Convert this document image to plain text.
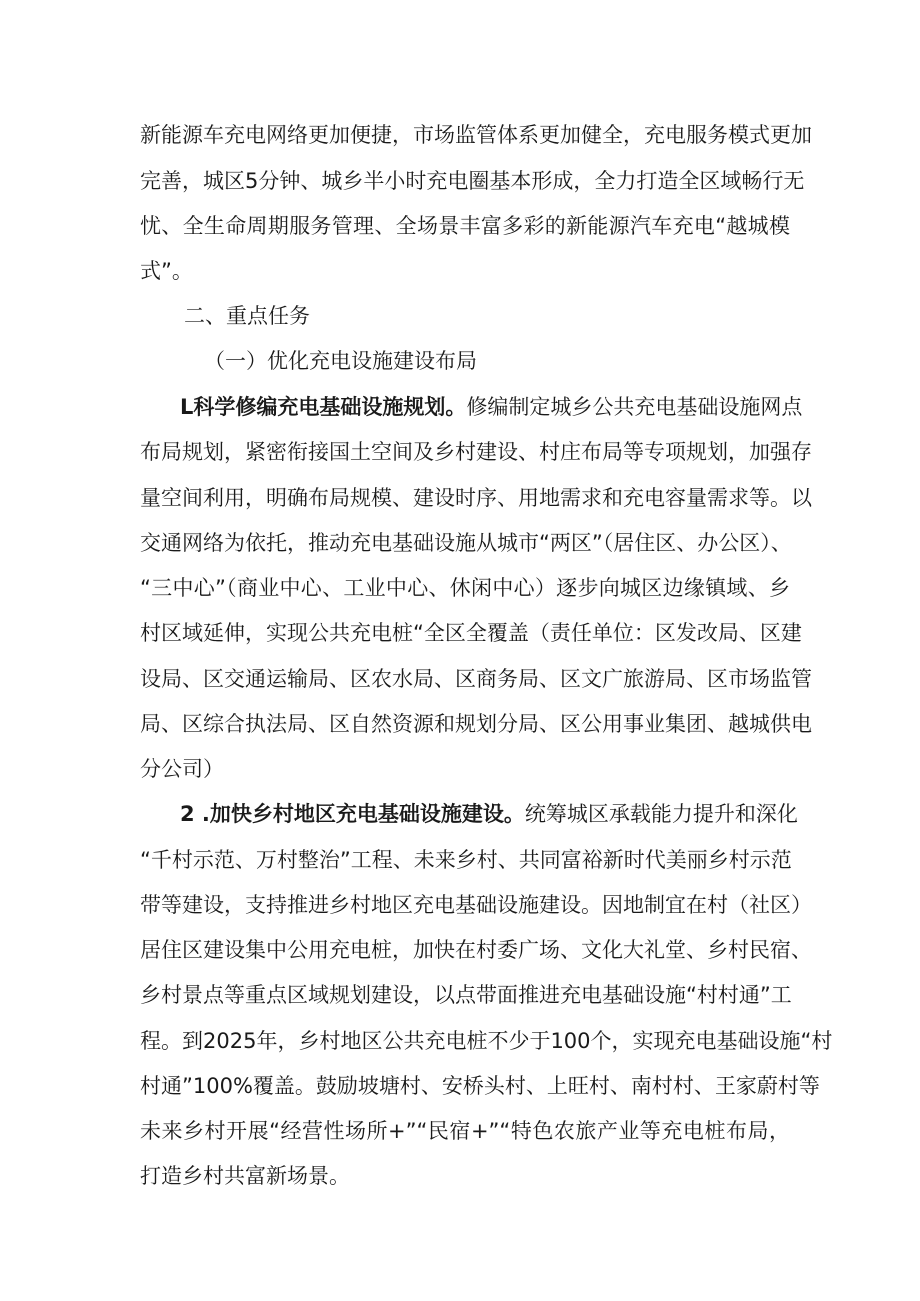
新能源车充电网络更加便捷，市场监管体系更加健全，充电服务模式更加
完善，城区5分钟、城乡半小时充电圈基本形成，全力打造全区域畅行无
忧、全生命周期服务管理、全场景丰富多彩的新能源汽车充电“越城模
式”。
二、重点任务
（一）优化充电设施建设布局
L科学修编充电基础设施规划。修编制定城乡公共充电基础设施网点
布局规划，紧密衔接国土空间及乡村建设、村庄布局等专项规划，加强存
量空间利用，明确布局规模、建设时序、用地需求和充电容量需求等。以
交通网络为依托，推动充电基础设施从城市“两区”（居住区、办公区）、
“三中心”（商业中心、工业中心、休闲中心）逐步向城区边缘镇域、乡
村区域延伸，实现公共充电桩“全区全覆盖（责任单位：区发改局、区建
设局、区交通运输局、区农水局、区商务局、区文广旅游局、区市场监管
局、区综合执法局、区自然资源和规划分局、区公用事业集团、越城供电
分公司）
2 .加快乡村地区充电基础设施建设。统筹城区承载能力提升和深化
“千村示范、万村整治”工程、未来乡村、共同富裕新时代美丽乡村示范
带等建设，支持推进乡村地区充电基础设施建设。因地制宜在村（社区）
居住区建设集中公用充电桩，加快在村委广场、文化大礼堂、乡村民宿、
乡村景点等重点区域规划建设，以点带面推进充电基础设施“村村通”工
程。到2025年，乡村地区公共充电桩不少于100个，实现充电基础设施“村
村通”100%覆盖。鼓励坡塘村、安桥头村、上旺村、南村村、王家蔚村等
未来乡村开展“经营性场所+”“民宿+”“特色农旅产业等充电桩布局，
打造乡村共富新场景。
